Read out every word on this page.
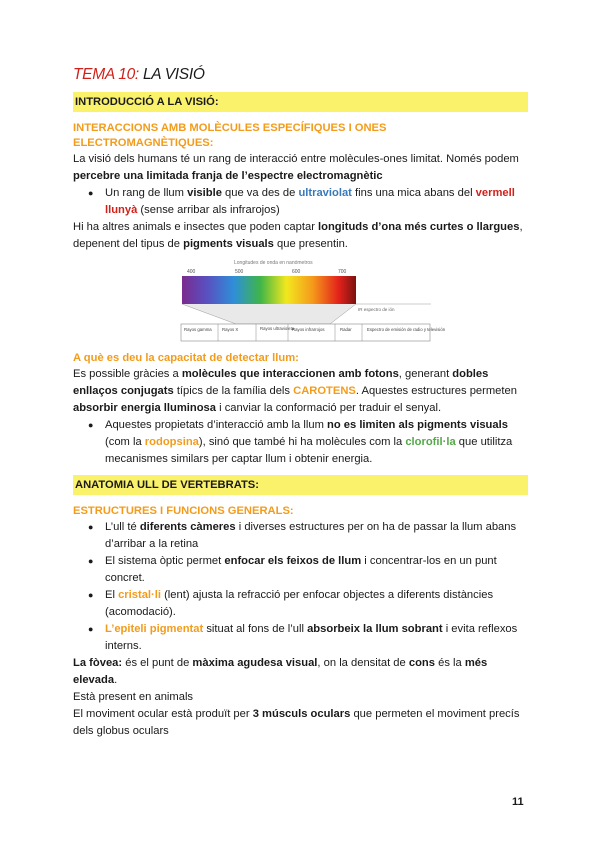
TEMA 10: LA VISIÓ
INTRODUCCIÓ A LA VISIÓ:
INTERACCIONS AMB MOLÈCULES ESPECÍFIQUES I ONES ELECTROMAGNÈTIQUES:

La visió dels humans té un rang de interacció entre molècules-ones limitat. Només podem percebre una limitada franja de l’espectre electromagnètic

● Un rang de llum visible que va des de ultraviolat fins una mica abans del vermell llunyà (sense arribar als infrarojos)

Hi ha altres animals e insectes que poden captar longituds d’ona més curtes o llargues, depenent del tipus de pigments visuals que presentin.

Longitudes de onda en nanómetros
400	500	600	700
IR espectro de ión
Rayos gamma Rayos X	Rayos ultravioleta
Rayos infrarrojos	Radar	Espectro de emisión de radio y televisión
A què es deu la capacitat de detectar llum:

Es possible gràcies a molècules que interaccionen amb fotons, generant dobles enllaços conjugats típics de la família dels CAROTENS. Aquestes estructures permeten absorbir energia lluminosa i canviar la conformació per traduir el senyal.

● Aquestes propietats d’interacció amb la llum no es limiten als pigments visuals (com la rodopsina), sinó que també hi ha molècules com la clorofil·la que utilitza mecanismes similars per captar llum i obtenir energia.
ANATOMIA ULL DE VERTEBRATS:
ESTRUCTURES I FUNCIONS GENERALS:
● L’ull té diferents càmeres i diverses estructures per on ha de passar la llum abans d’arribar a la retina
● El sistema òptic permet enfocar els feixos de llum i concentrar-los en un punt concret.
● El cristal·li (lent) ajusta la refracció per enfocar objectes a diferents distàncies (acomodació).
● L’epiteli pigmentat situat al fons de l’ull absorbeix la llum sobrant i evita reflexos interns.

La fòvea: és el punt de màxima agudesa visual, on la densitat de cons és la més elevada.

Està present en animals

El moviment ocular està produït per 3 músculs oculars que permeten el moviment precís dels globus oculars

11
